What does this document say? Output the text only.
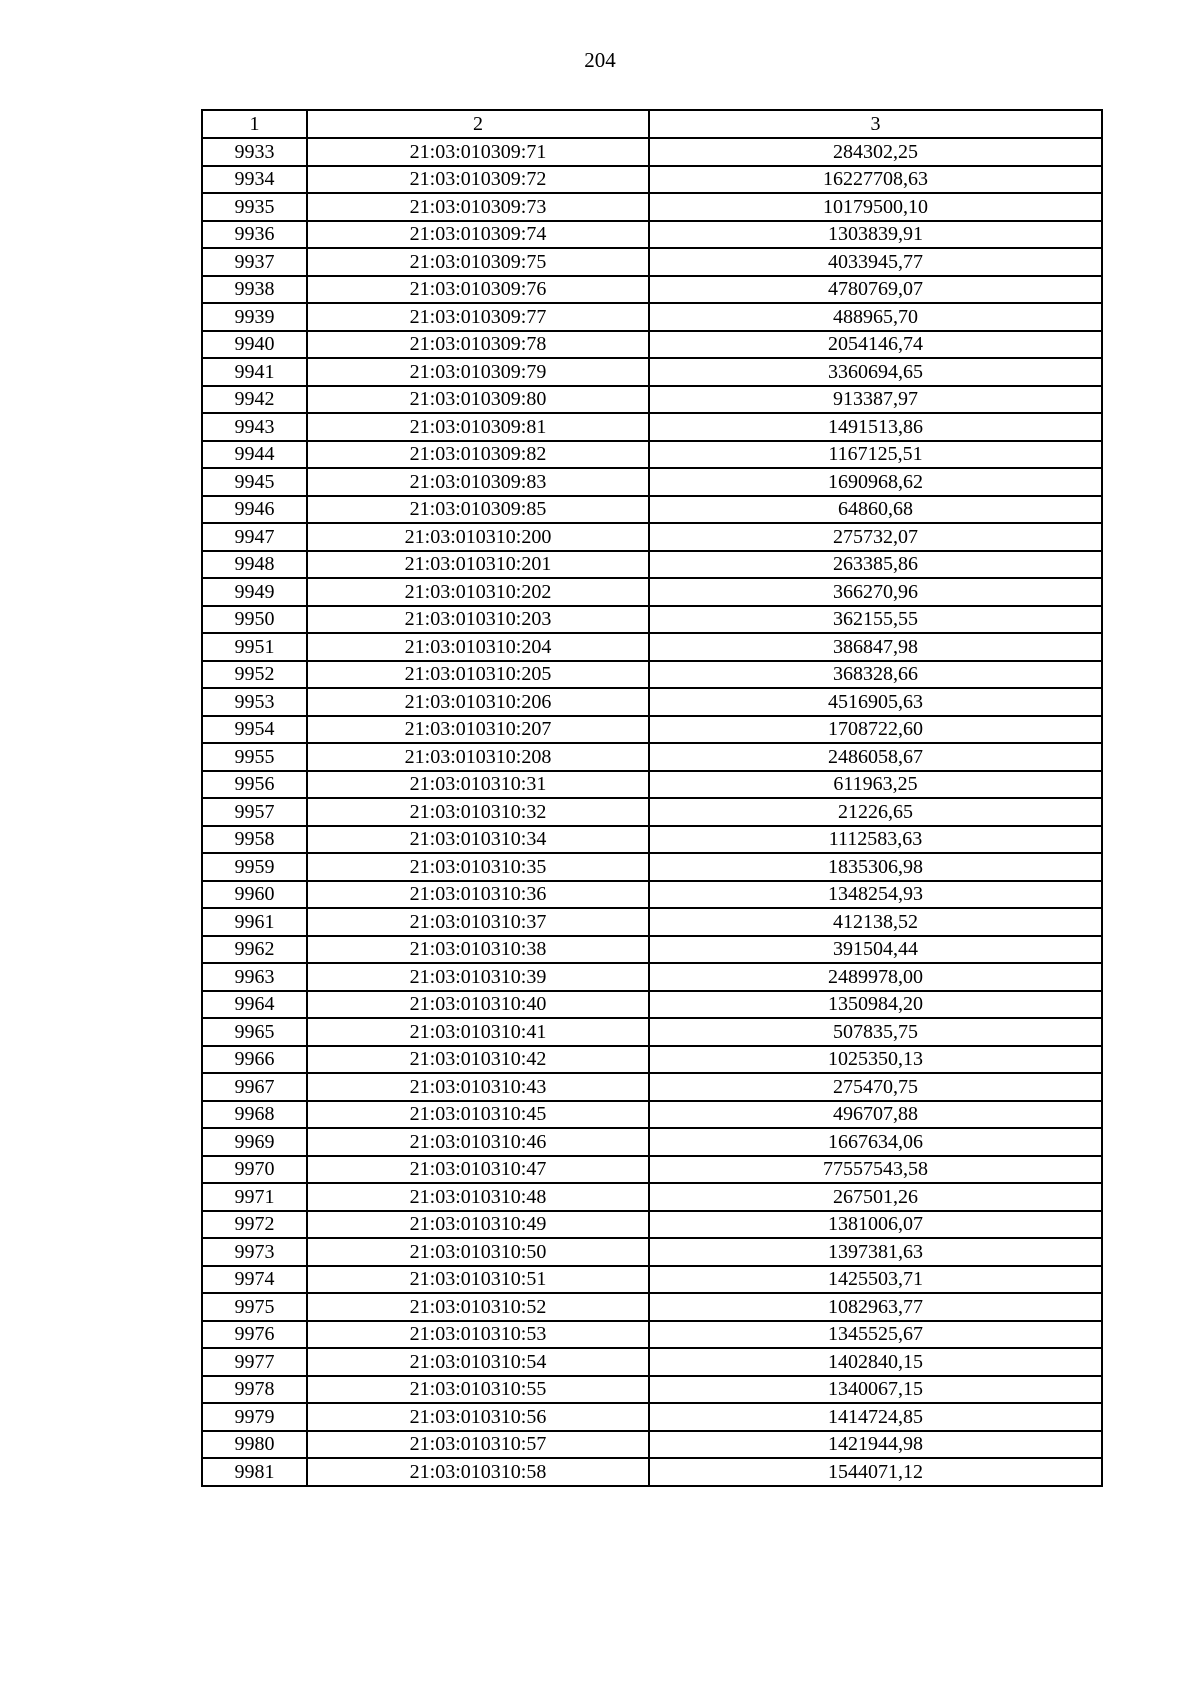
204
1	2	3
9933	21:03:010309:71	284302,25
9934	21:03:010309:72	16227708,63
9935	21:03:010309:73	10179500,10
9936	21:03:010309:74	1303839,91
9937	21:03:010309:75	4033945,77
9938	21:03:010309:76	4780769,07
9939	21:03:010309:77	488965,70
9940	21:03:010309:78	2054146,74
9941	21:03:010309:79	3360694,65
9942	21:03:010309:80	913387,97
9943	21:03:010309:81	1491513,86
9944	21:03:010309:82	1167125,51
9945	21:03:010309:83	1690968,62
9946	21:03:010309:85	64860,68
9947	21:03:010310:200	275732,07
9948	21:03:010310:201	263385,86
9949	21:03:010310:202	366270,96
9950	21:03:010310:203	362155,55
9951	21:03:010310:204	386847,98
9952	21:03:010310:205	368328,66
9953	21:03:010310:206	4516905,63
9954	21:03:010310:207	1708722,60
9955	21:03:010310:208	2486058,67
9956	21:03:010310:31	611963,25
9957	21:03:010310:32	21226,65
9958	21:03:010310:34	1112583,63
9959	21:03:010310:35	1835306,98
9960	21:03:010310:36	1348254,93
9961	21:03:010310:37	412138,52
9962	21:03:010310:38	391504,44
9963	21:03:010310:39	2489978,00
9964	21:03:010310:40	1350984,20
9965	21:03:010310:41	507835,75
9966	21:03:010310:42	1025350,13
9967	21:03:010310:43	275470,75
9968	21:03:010310:45	496707,88
9969	21:03:010310:46	1667634,06
9970	21:03:010310:47	77557543,58
9971	21:03:010310:48	267501,26
9972	21:03:010310:49	1381006,07
9973	21:03:010310:50	1397381,63
9974	21:03:010310:51	1425503,71
9975	21:03:010310:52	1082963,77
9976	21:03:010310:53	1345525,67
9977	21:03:010310:54	1402840,15
9978	21:03:010310:55	1340067,15
9979	21:03:010310:56	1414724,85
9980	21:03:010310:57	1421944,98
9981	21:03:010310:58	1544071,12
